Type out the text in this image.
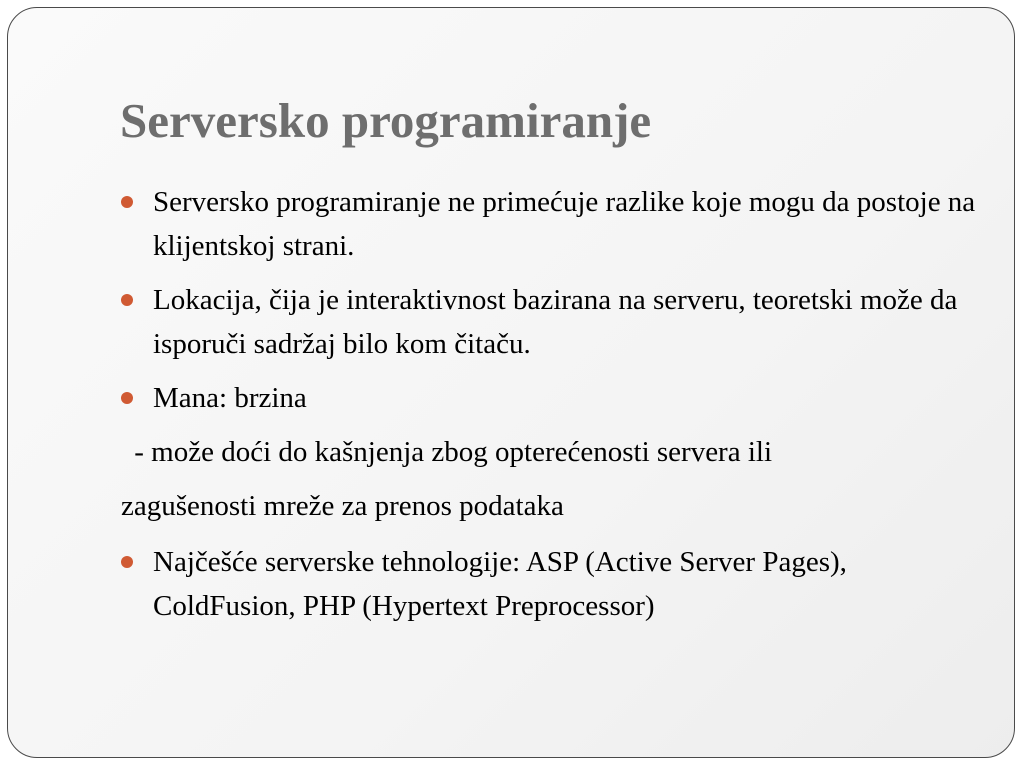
Serversko programiranje
Serversko programiranje ne primećuje razlike koje mogu da postoje na klijentskoj strani.
Lokacija, čija je interaktivnost bazirana na serveru, teoretski može da isporuči sadržaj bilo kom čitaču.
Mana: brzina
- može doći do kašnjenja zbog opterećenosti servera ili
zagušenosti mreže za prenos podataka
Najčešće serverske tehnologije: ASP (Active Server Pages), ColdFusion, PHP (Hypertext Preprocessor)
